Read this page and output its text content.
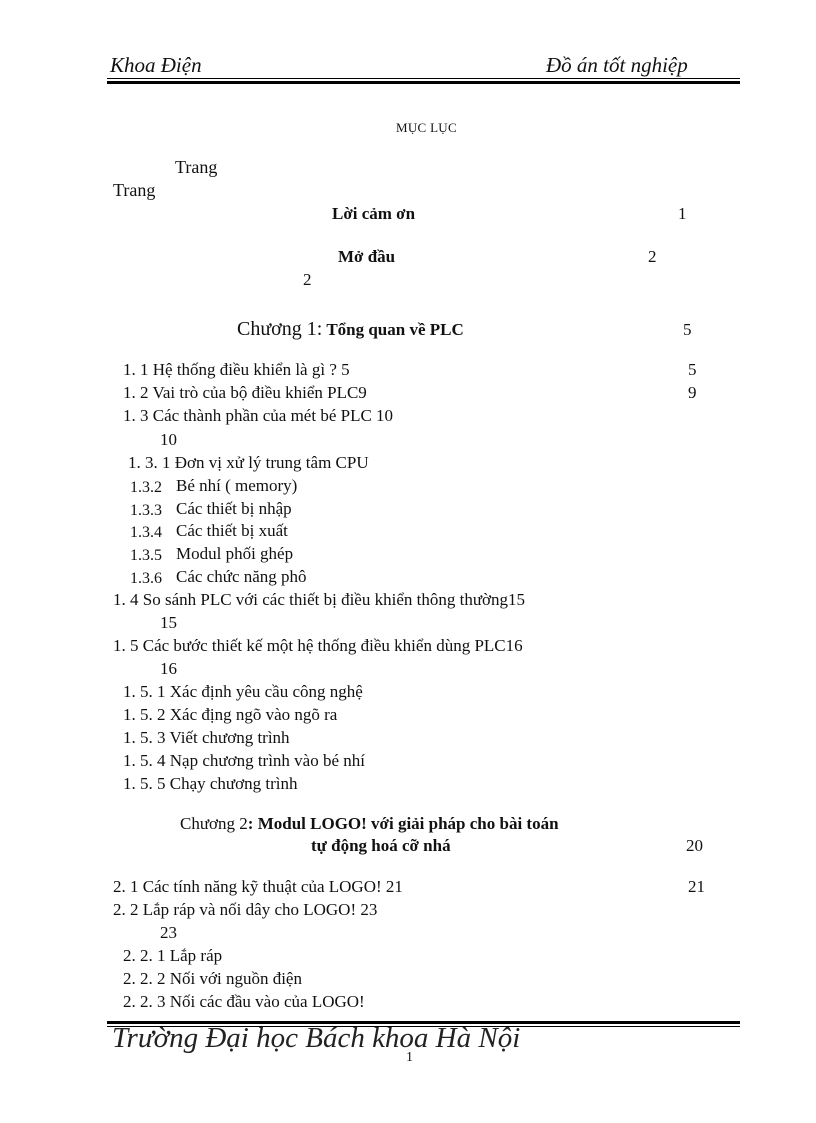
Khoa Điện	Đồ án tốt nghiệp
MỤC LỤC
Trang
Trang
Lời cảm ơn	1
Mở đầu	2
2
Chương 1: Tổng quan về PLC	5
1. 1 Hệ thống điều khiển là gì ? 5	5
1. 2 Vai trò của bộ điều khiển PLC9	9
1. 3 Các thành phần của mét bé PLC 10
10
1. 3. 1 Đơn vị xử lý trung tâm CPU
1.3.2 Bé nhí ( memory)
1.3.3 Các thiết bị nhập
1.3.4 Các thiết bị xuất
1.3.5 Modul phối ghép
1.3.6 Các chức năng phô
1. 4 So sánh PLC với các thiết bị điều khiển thông thường15
15
1. 5 Các bước thiết kế một hệ thống điều khiển dùng PLC16
16
1. 5. 1 Xác định yêu cầu công nghệ
1. 5. 2 Xác địng ngõ vào ngõ ra
1. 5. 3 Viết chương trình
1. 5. 4 Nạp chương trình vào bé nhí
1. 5. 5 Chạy chương trình
Chương 2: Modul LOGO! với giải pháp cho bài toán
tự động hoá cỡ nhá	20
2. 1 Các tính năng kỹ thuật của LOGO! 21	21
2. 2 Lắp ráp và nối dây cho LOGO! 23
23
2. 2. 1 Lắp ráp
2. 2. 2 Nối với nguồn điện
2. 2. 3 Nối các đầu vào của LOGO!
Trường Đại học Bách khoa Hà Nội
1
